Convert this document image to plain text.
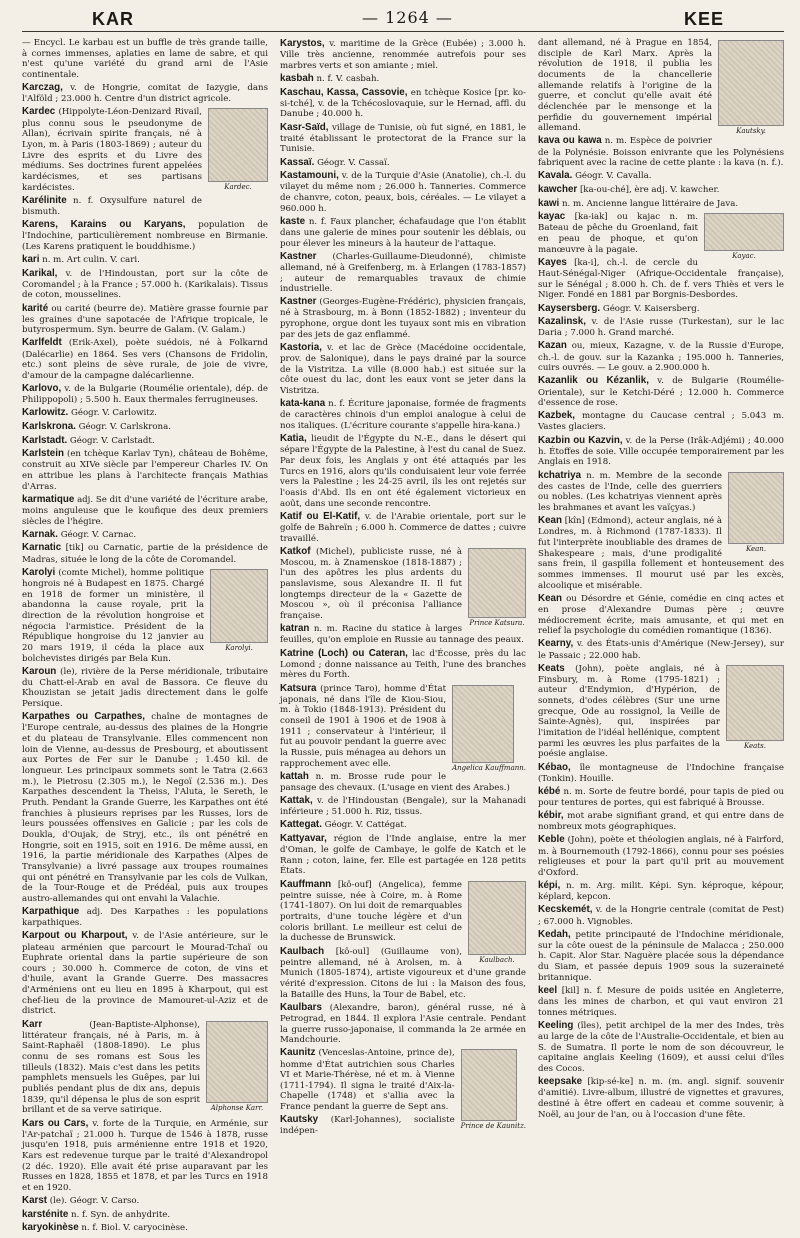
KAR	— 1264 —	KEE

— Encycl. Le karbau est un buffle de très grande taille, à cornes immenses, aplaties en lame de sabre, et qui n'est qu'une variété du grand arni de l'Asie continentale.

Karczag, v. de Hongrie, comitat de Iazygie, dans l'Alföld ; 23.000 h. Centre d'un district agricole.

Kardec.
Kardec (Hippolyte-Léon-Denizard Rivail, plus connu sous le pseudonyme de Allan), écrivain spirite français, né à Lyon, m. à Paris (1803-1869) ; auteur du Livre des esprits et du Livre des médiums. Ses doctrines furent appelées kardécismes, et ses partisans kardécistes.

Karélinite n. f. Oxysulfure naturel de bismuth.

Karens, Karains ou Karyans, population de l'Indochine, particulièrement nombreuse en Birmanie. (Les Karens pratiquent le bouddhisme.)

kari n. m. Art culin. V. cari.

Karikal, v. de l'Hindoustan, port sur la côte de Coromandel ; à la France ; 57.000 h. (Karikalais). Tissus de coton, mousselines.

karité ou carité (beurre de). Matière grasse fournie par les graines d'une sapotacée de l'Afrique tropicale, le butyrospermum. Syn. beurre de Galam. (V. Galam.)

Karlfeldt (Erik-Axel), poète suédois, né à Folkarnd (Dalécarlie) en 1864. Ses vers (Chansons de Fridolin, etc.) sont pleins de sève rurale, de joie de vivre, d'amour de la campagne dalécarlienne.

Karlovo, v. de la Bulgarie (Roumélie orientale), dép. de Philippopoli) ; 5.500 h. Eaux thermales ferrugineuses.

Karlowitz. Géogr. V. Carlowitz.

Karlskrona. Géogr. V. Carlskrona.

Karlstadt. Géogr. V. Carlstadt.

Karlstein (en tchèque Karlav Tyn), château de Bohême, construit au XIVe siècle par l'empereur Charles IV. On en attribue les plans à l'architecte français Mathias d'Arras.

karmatique adj. Se dit d'une variété de l'écriture arabe, moins anguleuse que le koufique des deux premiers siècles de l'hégire.

Karnak. Géogr. V. Carnac.

Karnatic [tik] ou Carnatic, partie de la présidence de Madras, située le long de la côte de Coromandel.

Karolyi.
Karolyi (comte Michel), homme politique hongrois né à Budapest en 1875. Chargé en 1918 de former un ministère, il abandonna la cause royale, prit la direction de la révolution hongroise et négocia l'armistice. Président de la République hongroise du 12 janvier au 20 mars 1919, il céda la place aux bolchevistes dirigés par Bela Kun.

Karoun (le), rivière de la Perse méridionale, tributaire du Chatt-el-Arab en aval de Bassora. Ce fleuve du Khouzistan se jetait jadis directement dans le golfe Persique.

Karpathes ou Carpathes, chaîne de montagnes de l'Europe centrale, au-dessus des plaines de la Hongrie et du plateau de Transylvanie. Elles commencent non loin de Vienne, au-dessus de Presbourg, et aboutissent aux Portes de Fer sur le Danube ; 1.450 kil. de longueur. Les principaux sommets sont le Tatra (2.663 m.), le Pietrosu (2.305 m.), le Negoï (2.536 m.). Des Karpathes descendent la Theiss, l'Aluta, le Sereth, le Pruth. Pendant la Grande Guerre, les Karpathes ont été franchies à plusieurs reprises par les Russes, lors de leurs poussées offensives en Galicie ; par les cols de Doukla, d'Oujak, de Stryj, etc., ils ont pénétré en Hongrie, soit en 1915, soit en 1916. De même aussi, en 1916, la partie méridionale des Karpathes (Alpes de Transylvanie) a livré passage aux troupes roumaines qui ont pénétré en Transylvanie par les cols de Vulkan, de la Tour-Rouge et de Prédéal, puis aux troupes austro-allemandes qui ont envahi la Valachie.

Karpathique adj. Des Karpathes : les populations karpathiques.

Karpout ou Kharpout, v. de l'Asie antérieure, sur le plateau arménien que parcourt le Mourad-Tchaï ou Euphrate oriental dans la partie supérieure de son cours ; 30.000 h. Commerce de coton, de vins et d'huile, avant la Grande Guerre. Des massacres d'Arméniens ont eu lieu en 1895 à Kharpout, qui est chef-lieu de la province de Mamouret-ul-Aziz et de district.

Alphonse Karr.
Karr	(Jean-Baptiste-Alphonse), littérateur français, né à Paris, m. à Saint-Raphaël (1808-1890). Le plus connu de ses romans est Sous les tilleuls (1832). Mais c'est dans les petits pamphlets mensuels les Guêpes, par lui publiés pendant plus de dix ans, depuis 1839, qu'il dépensa le plus de son esprit brillant et de sa verve satirique.

Kars ou Cars, v. forte de la Turquie, en Arménie, sur l'Ar-patchaï ; 21.000 h. Turque de 1546 à 1878, russe jusqu'en 1918, puis arménienne entre 1918 et 1920, Kars est redevenue turque par le traité d'Alexandropol (2 déc. 1920). Elle avait été prise auparavant par les Russes en 1828, 1855 et 1878, et par les Turcs en 1918 et en 1920.

Karst (le). Géogr. V. Carso.

karsténite n. f. Syn. de anhydrite.

karyokinèse n. f. Biol. V. caryocinèse.

Karystos, v. maritime de la Grèce (Eubée) ; 3.000 h. Ville très ancienne, renommée autrefois pour ses marbres verts et son amiante ; miel.

kasbah n. f. V. casbah.

Kaschau, Kassa, Cassovie, en tchèque Kosice [pr. ko-si-tché], v. de la Tchécoslovaquie, sur le Hernad, affl. du Danube ; 40.000 h.

Kasr-Saïd, village de Tunisie, où fut signé, en 1881, le traité établissant le protectorat de la France sur la Tunisie.

Kassaï. Géogr. V. Cassaï.

Kastamouni, v. de la Turquie d'Asie (Anatolie), ch.-l. du vilayet du même nom ; 26.000 h. Tanneries. Commerce de chanvre, coton, peaux, bois, céréales. — Le vilayet a 960.000 h.

kaste n. f. Faux plancher, échafaudage que l'on établit dans une galerie de mines pour soutenir les déblais, ou pour élever les mineurs à la hauteur de l'attaque.

Kastner (Charles-Guillaume-Dieudonné), chimiste allemand, né à Greifenberg, m. à Erlangen (1783-1857) ; auteur de remarquables travaux de chimie industrielle.

Kastner (Georges-Eugène-Frédéric), physicien français, né à Strasbourg, m. à Bonn (1852-1882) ; inventeur du pyrophone, orgue dont les tuyaux sont mis en vibration par des jets de gaz enflammé.

Kastoria, v. et lac de Grèce (Macédoine occidentale, prov. de Salonique), dans le pays drainé par la source de la Vistritza. La ville (8.000 hab.) est située sur la côte ouest du lac, dont les eaux vont se jeter dans la Vistritza.

kata-kana n. f. Écriture japonaise, formée de fragments de caractères chinois d'un emploi analogue à celui de nos italiques. (L'écriture courante s'appelle hira-kana.)

Katia, lieudit de l'Égypte du N.-E., dans le désert qui sépare l'Égypte de la Palestine, à l'est du canal de Suez. Par deux fois, les Anglais y ont été attaqués par les Turcs en 1916, alors qu'ils conduisaient leur voie ferrée vers la Palestine ; les 24-25 avril, ils les ont rejetés sur l'oasis d'Abd. Ils en ont été également victorieux en août, dans une seconde rencontre.

Katif ou El-Katif, v. de l'Arabie orientale, port sur le golfe de Bahreïn ; 6.000 h. Commerce de dattes ; cuivre travaillé.

Prince Katsura.
Katkof (Michel), publiciste russe, né à Moscou, m. à Znamenskoe (1818-1887) ; l'un des apôtres les plus ardents du panslavisme, sous Alexandre II. Il fut longtemps directeur de la « Gazette de Moscou », où il préconisa l'alliance française.

katran n. m. Racine du statice à larges feuilles, qu'on emploie en Russie au tannage des peaux.

Katrine (Loch) ou Cateran, lac d'Écosse, près du lac Lomond ; donne naissance au Teith, l'une des branches mères du Forth.

Angelica Kauffmann.
Katsura (prince Taro), homme d'État japonais, né dans l'île de Kiou-Siou, m. à Tokio (1848-1913). Président du conseil de 1901 à 1906 et de 1908 à 1911 ; conservateur à l'intérieur, il fut au pouvoir pendant la guerre avec la Russie, puis ménagea au dehors un rapprochement avec elle.

kattah n. m. Brosse rude pour le pansage des chevaux. (L'usage en vient des Arabes.)

Kattak, v. de l'Hindoustan (Bengale), sur la Mahanadi inférieure ; 51.000 h. Riz, tissus.

Kattegat. Géogr. V. Cattégat.

Kattyavar, région de l'Inde anglaise, entre la mer d'Oman, le golfe de Cambaye, le golfe de Katch et le Rann ; coton, laine, fer. Elle est partagée en 128 petits États.

Kaulbach.
Kauffmann [kô-ouf] (Angelica), femme peintre suisse, née à Coire, m. à Rome (1741-1807). On lui doit de remarquables portraits, d'une touche légère et d'un coloris brillant. Le meilleur est celui de la duchesse de Brunswick.

Kaulbach [kô-oul] (Guillaume von), peintre allemand, né à Arolsen, m. à Munich (1805-1874), artiste vigoureux et d'une grande vérité d'expression. Citons de lui : la Maison des fous, la Bataille des Huns, la Tour de Babel, etc.

Kaulbars (Alexandre, baron), général russe, né à Petrograd, en 1844. Il explora l'Asie centrale. Pendant la guerre russo-japonaise, il commanda la 2e armée en Mandchourie.

Prince de Kaunitz.
Kaunitz (Venceslas-Antoine, prince de), homme d'État autrichien sous Charles VI et Marie-Thérèse, né et m. à Vienne (1711-1794). Il signa le traité d'Aix-la-Chapelle (1748) et s'allia avec la France pendant la guerre de Sept ans.

Kautsky (Karl-Johannes), socialiste indépen-

Kautsky.
dant allemand, né à Prague en 1854, disciple de Karl Marx. Après la révolution de 1918, il publia les documents de la chancellerie allemande relatifs à l'origine de la guerre, et conclut qu'elle avait été déclenchée par le mensonge et la perfidie du gouvernement impérial allemand.

kava ou kawa n. m. Espèce de poivrier de la Polynésie. Boisson enivrante que les Polynésiens fabriquent avec la racine de cette plante : la kava (n. f.).

Kavala. Géogr. V. Cavalla.

kawcher [ka-ou-ché], ère adj. V. kawcher.

kawi n. m. Ancienne langue littéraire de Java.

Kayac.
kayac [ka-iak] ou kajac n. m. Bateau de pêche du Groenland, fait en peau de phoque, et qu'on manœuvre à la pagaie.

Kayes [ka-i], ch.-l. de cercle du Haut-Sénégal-Niger (Afrique-Occidentale française), sur le Sénégal ; 8.000 h. Ch. de f. vers Thiès et vers le Niger. Fondé en 1881 par Borgnis-Desbordes.

Kaysersberg. Géogr. V. Kaisersberg.

Kazalinsk, v. de l'Asie russe (Turkestan), sur le lac Daria ; 7.000 h. Grand marché.

Kazan ou, mieux, Kazagne, v. de la Russie d'Europe, ch.-l. de gouv. sur la Kazanka ; 195.000 h. Tanneries, cuirs ouvrés. — Le gouv. a 2.900.000 h.

Kazanlik ou Kézanlik, v. de Bulgarie (Roumélie-Orientale), sur le Ketchi-Déré ; 12.000 h. Commerce d'essence de rose.

Kazbek, montagne du Caucase central ; 5.043 m. Vastes glaciers.

Kazbin ou Kazvin, v. de la Perse (Irâk-Adjémi) ; 40.000 h. Étoffes de soie. Ville occupée temporairement par les Anglais en 1918.

Kean.
kchatriya n. m. Membre de la seconde des castes de l'Inde, celle des guerriers ou nobles. (Les kchatriyas viennent après les brahmanes et avant les vaïçyas.)

Kean [kîn] (Edmond), acteur anglais, né à Londres, m. à Richmond (1787-1833). Il fut l'interprète inoubliable des drames de Shakespeare ; mais, d'une prodigalité sans frein, il gaspilla follement et honteusement des sommes immenses. Il mourut usé par les excès, alcoolique et misérable.

Kean ou Désordre et Génie, comédie en cinq actes et en prose d'Alexandre Dumas père ; œuvre médiocrement écrite, mais amusante, et qui met en relief la psychologie du comédien romantique (1836).

Kearny, v. des États-unis d'Amérique (New-Jersey), sur le Passaic ; 22.000 hab.

Keats.
Keats (John), poète anglais, né à Finsbury, m. à Rome (1795-1821) ; auteur d'Endymion, d'Hypérion, de sonnets, d'odes célèbres (Sur une urne grecque, Ode au rossignol, la Veille de Sainte-Agnès), qui, inspirées par l'imitation de l'idéal hellénique, comptent parmi les œuvres les plus parfaites de la poésie anglaise.

Kébao, île montagneuse de l'Indochine française (Tonkin). Houille.

kébé n. m. Sorte de feutre bordé, pour tapis de pied ou pour tentures de portes, qui est fabriqué à Brousse.

kébir, mot arabe signifiant grand, et qui entre dans de nombreux mots géographiques.

Keble (John), poète et théologien anglais, né à Fairford, m. à Bournemouth (1792-1866), connu pour ses poésies religieuses et pour la part qu'il prit au mouvement d'Oxford.

képi, n. m. Arg. milit. Képi. Syn. képroque, képour, képlard, kepcon.

Kecskemét, v. de la Hongrie centrale (comitat de Pest) ; 67.000 h. Vignobles.

Kedah, petite principauté de l'Indochine méridionale, sur la côte ouest de la péninsule de Malacca ; 250.000 h. Capit. Alor Star. Naguère placée sous la dépendance du Siam, et passée depuis 1909 sous la suzeraineté britannique.

keel [kil] n. f. Mesure de poids usitée en Angleterre, dans les mines de charbon, et qui vaut environ 21 tonnes métriques.

Keeling (îles), petit archipel de la mer des Indes, très au large de la côte de l'Australie-Occidentale, et bien au S. de Sumatra. Il porte le nom de son découvreur, le capitaine anglais Keeling (1609), et aussi celui d'îles des Cocos.

keepsake [kip-sé-ke] n. m. (m. angl. signif. souvenir d'amitié). Livre-album, illustré de vignettes et gravures, destiné à être offert en cadeau et comme souvenir, à Noël, au jour de l'an, ou à l'occasion d'une fête.
